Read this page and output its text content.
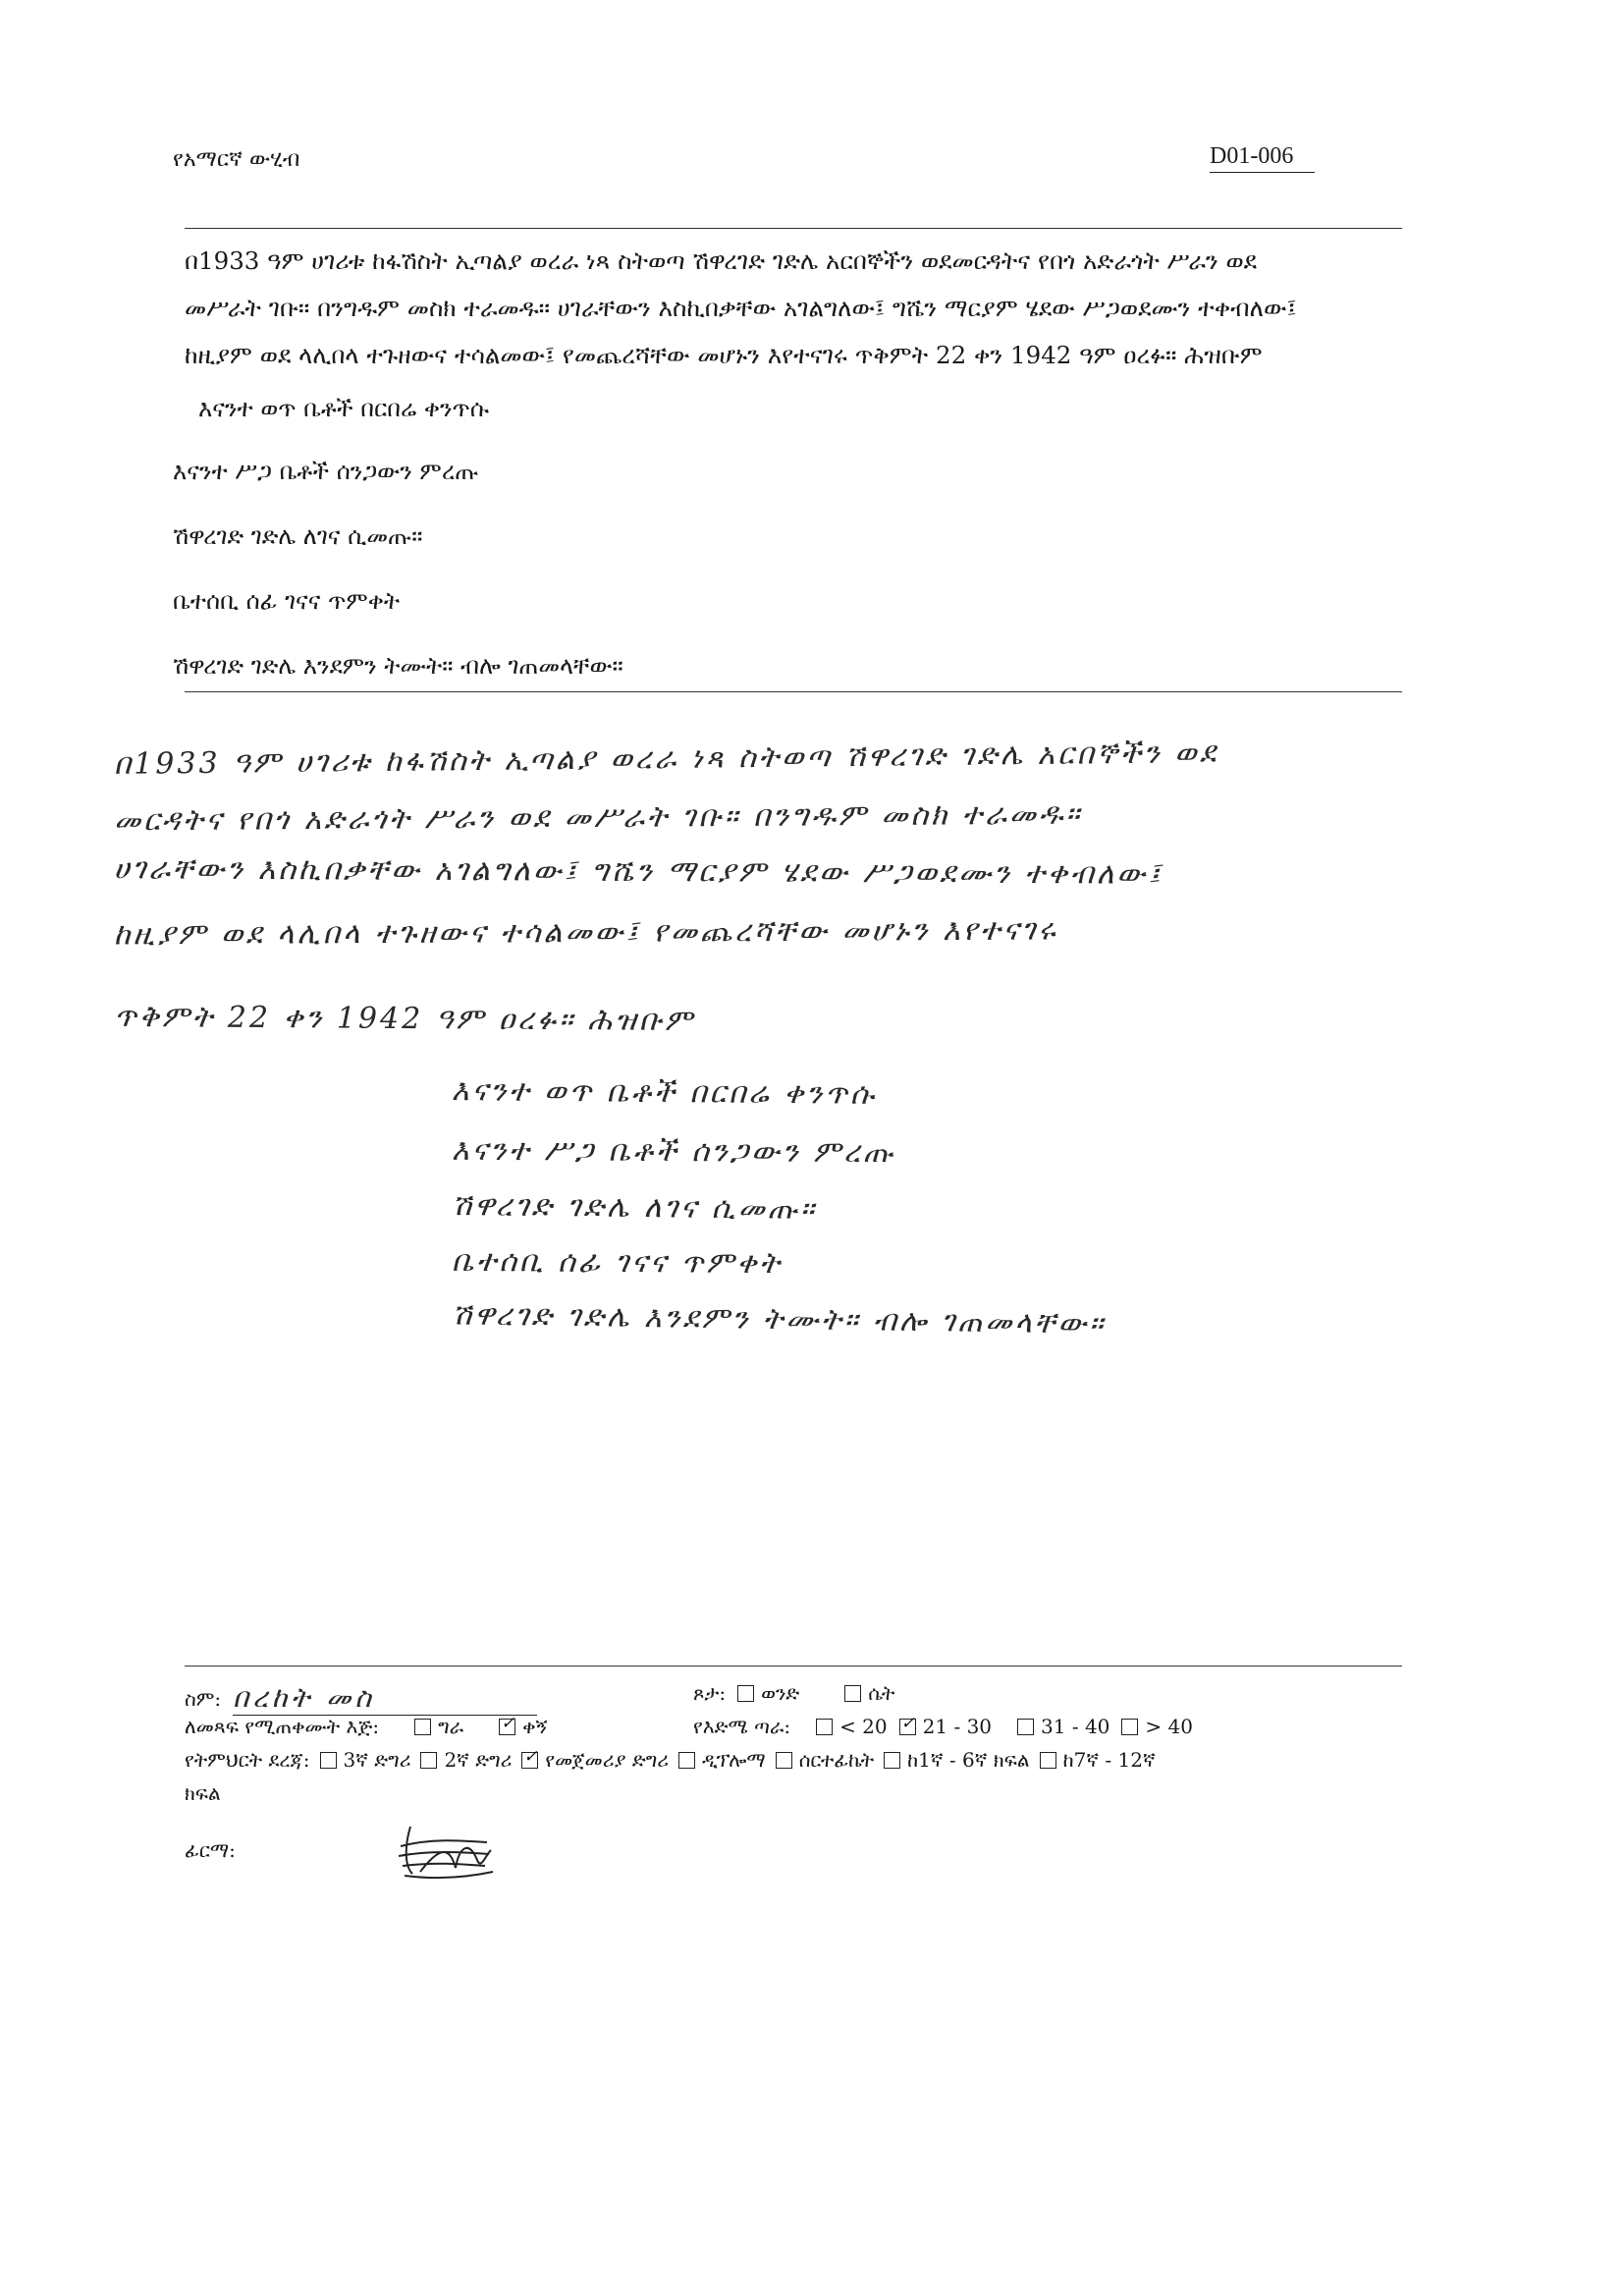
የአማርኛ ውሂብ	D01-006
በ1933 ዓም ሀገሪቱ ከፋሽስት ኢጣልያ ወረራ ነጻ ስትወጣ ሽዋረገድ ገድሌ አርበኞችን ወደመርዳትና የበጎ አድራጎት ሥራን ወደ
መሥራት ገቡ። በንግዱም መስክ ተራመዱ። ሀገራቸውን እስኪበቃቸው አገልግለው፤ ግሼን ማርያም ሄደው ሥጋወደሙን ተቀብለው፤
ከዚያም ወደ ላሊበላ ተጉዘውና ተሳልመው፤ የመጨረሻቸው መሆኑን እየተናገሩ ጥቅምት 22 ቀን 1942 ዓም ዐረፉ። ሕዝቡም
እናንተ ወጥ ቤቶች በርበሬ ቀንጥሱ
እናንተ ሥጋ ቤቶች ሰንጋውን ምረጡ
ሽዋረገድ ገድሌ ለገና ሲመጡ።
ቤተሰቢ ሰፊ ገናና ጥምቀት
ሽዋረገድ ገድሌ እንደምን ትሙት። ብሎ ገጠመላቸው።
በ1933 ዓም ሀገሪቱ ከፋሽስት ኢጣልያ ወረራ ነጻ ስትወጣ ሽዋረገድ ገድሌ አርበኞችን ወደ
መርዳትና የበጎ አድራጎት ሥራን ወደ መሥራት ገቡ። በንግዱም መስክ ተራመዱ።
ሀገራቸውን እስኪበቃቸው አገልግለው፤ ግሼን ማርያም ሄደው ሥጋወደሙን ተቀብለው፤
ከዚያም ወደ ላሊበላ ተጉዘውና ተሳልመው፤ የመጨረሻቸው መሆኑን እየተናገሩ
ጥቅምት 22 ቀን 1942 ዓም ዐረፉ። ሕዝቡም
እናንተ ወጥ ቤቶች በርበሬ ቀንጥሱ
እናንተ ሥጋ ቤቶች ሰንጋውን ምረጡ
ሽዋረገድ ገድሌ ለገና ሲመጡ።
ቤተሰቢ ሰፊ ገናና ጥምቀት
ሽዋረገድ ገድሌ እንደምን ትሙት። ብሎ ገጠመላቸው።
ስም: በረከት መስ	ጾታ: ወንድ	ሴት
ለመጻፍ የሚጠቀሙት እጅ:	ግራ ✓	ቀኝ	የእድሜ ጣራ:	< 20 ✓ 21 - 30	31 - 40 > 40
የትምህርት ደረጃ: 3ኛ ድግሪ 2ኛ ድግሪ ✓ የመጀመሪያ ድግሪ ዲፕሎማ ሰርተፊኬት ከ1ኛ - 6ኛ ክፍል ከ7ኛ - 12ኛ
ክፍል
ፊርማ:
